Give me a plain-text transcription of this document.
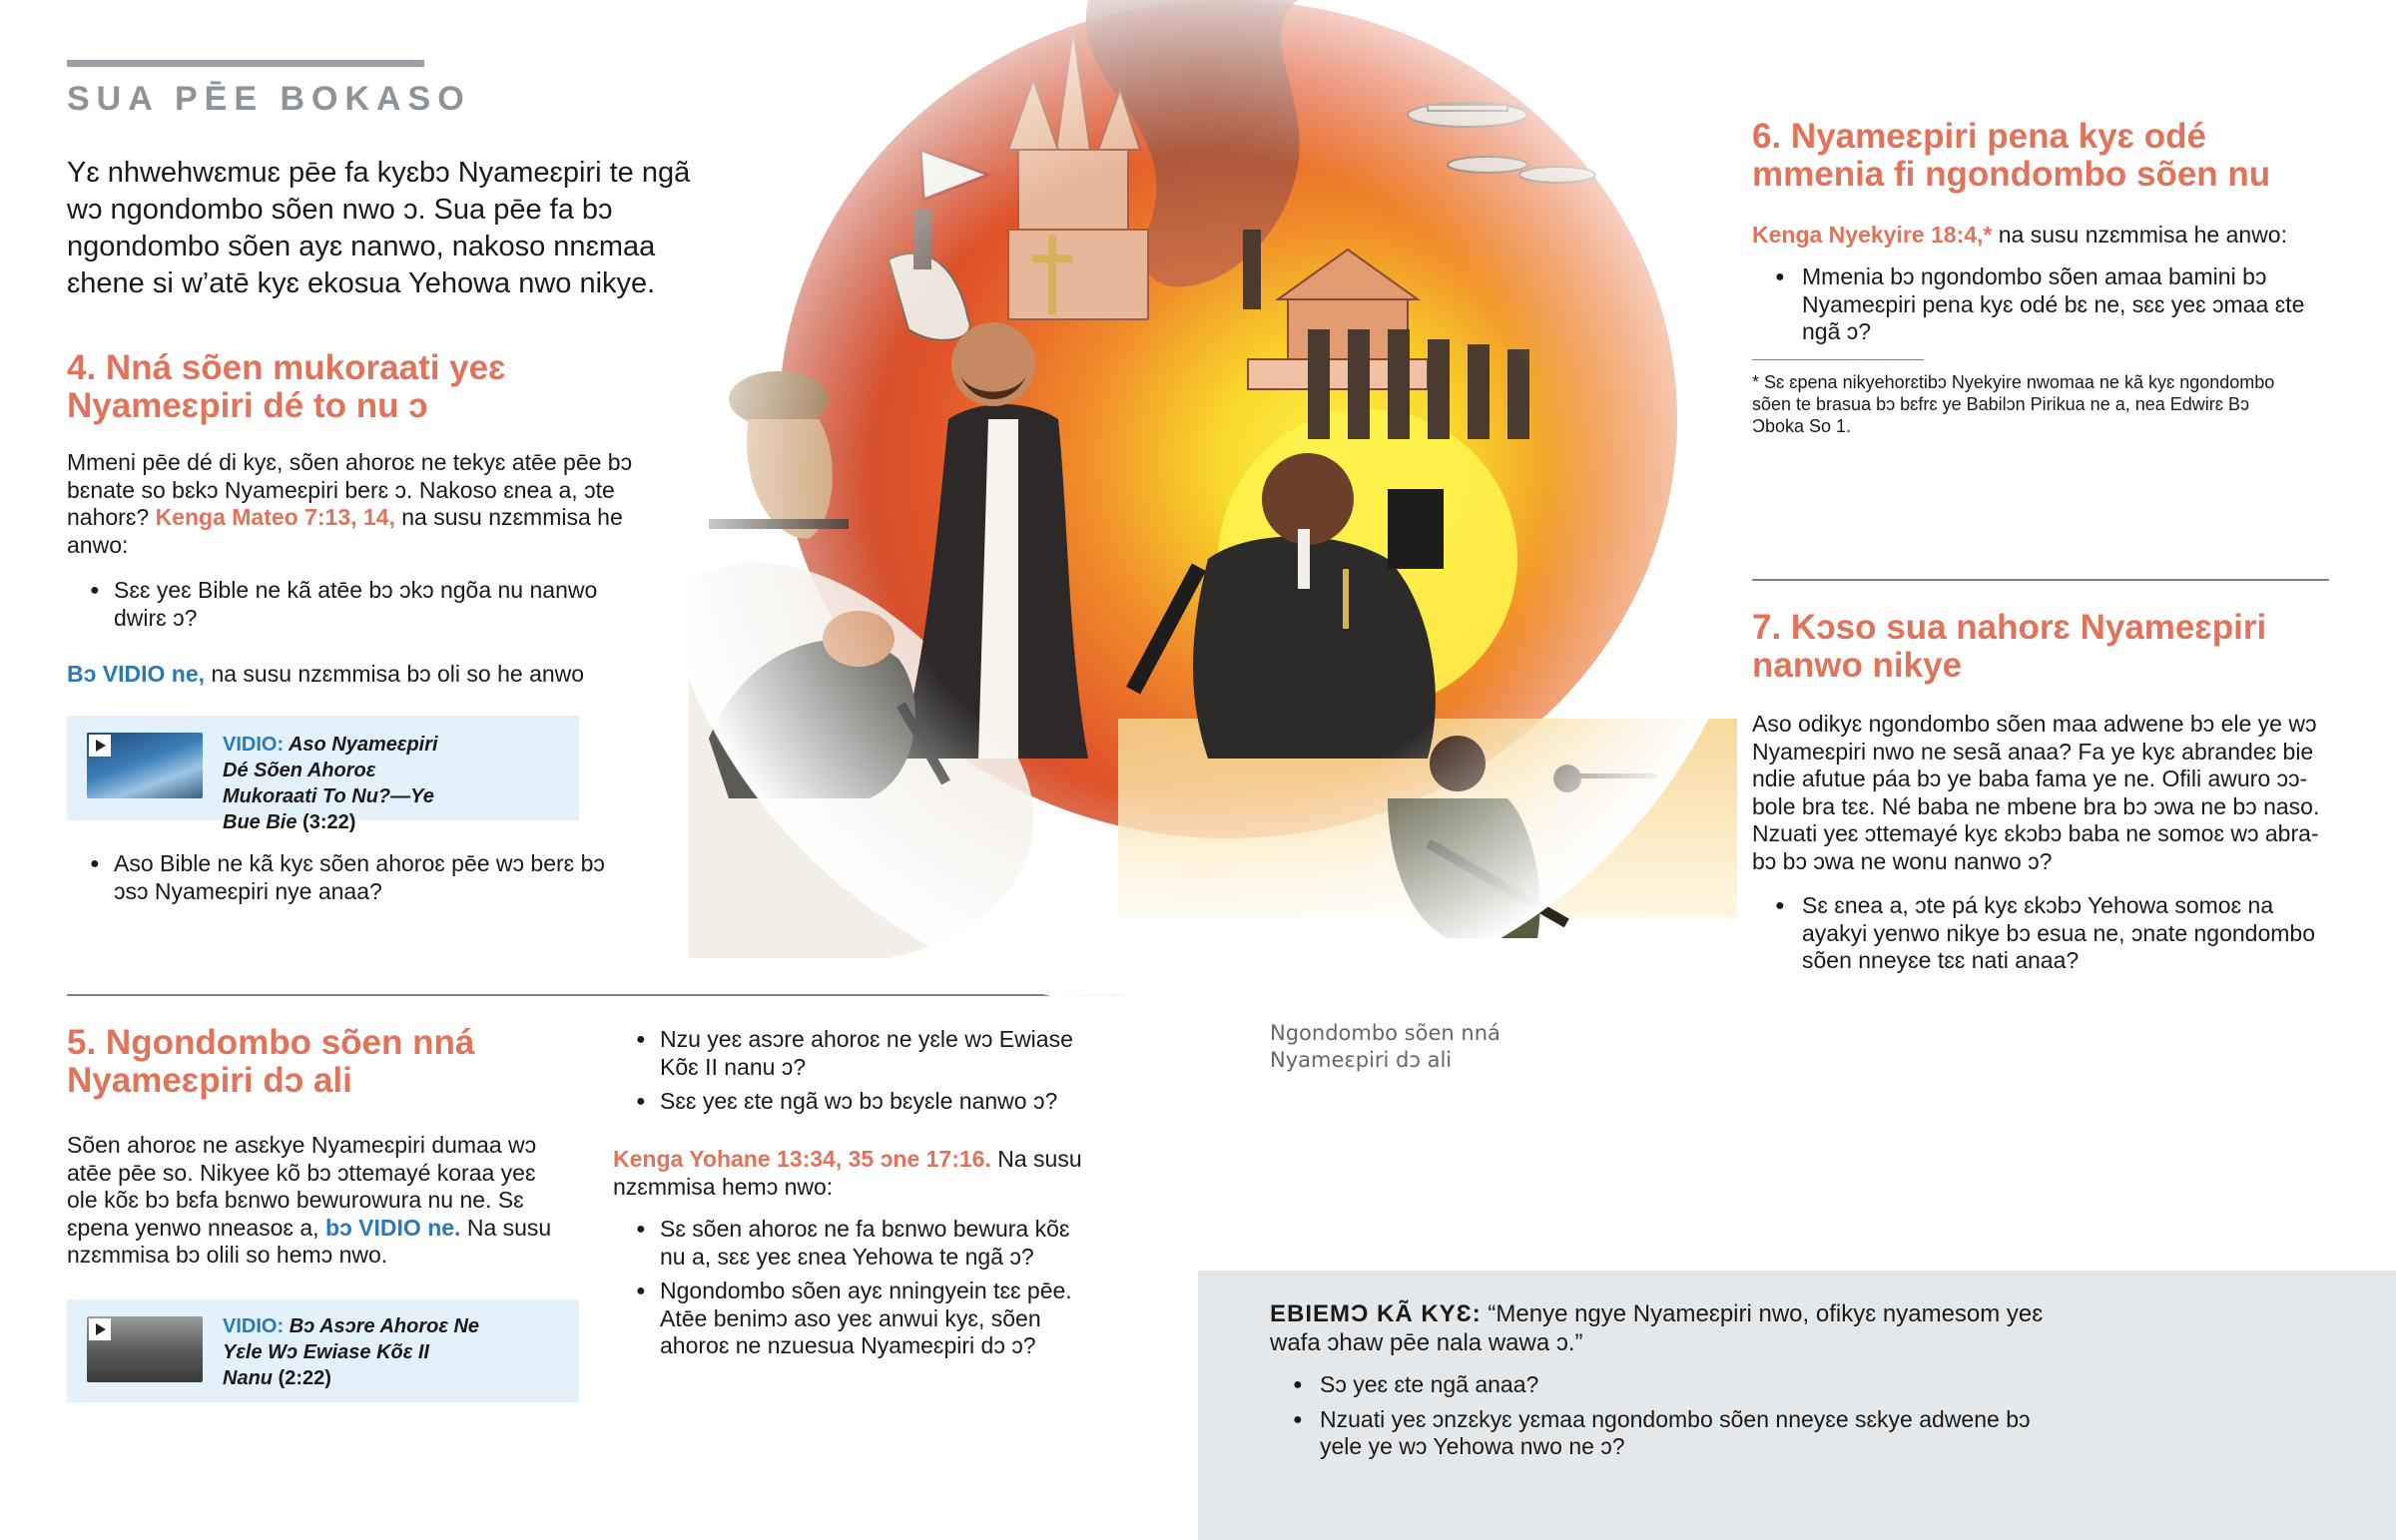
SUA PĒE BOKASO
Yɛ nhwehwɛmuɛ pēe fa kyɛbɔ Nyameɛpiri te ngã wɔ ngondombo sõen nwo ɔ. Sua pēe fa bɔ ngondombo sõen ayɛ nanwo, nakoso nnɛmaa ɛhene si w’atē kyɛ ekosua Yehowa nwo nikye.
4. Nná sõen mukoraati yeɛ Nyameɛpiri dé to nu ɔ
Mmeni pēe dé di kyɛ, sõen ahoroɛ ne tekyɛ atēe pēe bɔ bɛnate so bɛkɔ Nyameɛpiri berɛ ɔ. Nakoso ɛnea a, ɔte nahorɛ? Kenga Mateo 7:13, 14, na susu nzɛmmisa he anwo:
● Sɛɛ yeɛ Bible ne kã atēe bɔ ɔkɔ ngõa nu nanwo dwirɛ ɔ?
Bɔ VIDIO ne, na susu nzɛmmisa bɔ oli so he anwo
VIDIO: Aso Nyameɛpiri Dé Sõen Ahoroɛ Mukoraati To Nu?—Ye Bue Bie (3:22)
● Aso Bible ne kã kyɛ sõen ahoroɛ pēe wɔ berɛ bɔ ɔsɔ Nyameɛpiri nye anaa?
5. Ngondombo sõen nná Nyameɛpiri dɔ ali
Sõen ahoroɛ ne asɛkye Nyameɛpiri dumaa wɔ atēe pēe so. Nikyee kõ bɔ ɔttemayé koraa yeɛ ole kõɛ bɔ bɛfa bɛnwo bewurowura nu ne. Sɛ ɛpena yenwo nneasoɛ a, bɔ VIDIO ne. Na susu nzɛmmisa bɔ olili so hemɔ nwo.
VIDIO: Bɔ Asɔre Ahoroɛ Ne Yɛle Wɔ Ewiase Kõɛ II Nanu (2:22)
● Nzu yeɛ asɔre ahoroɛ ne yɛle wɔ Ewiase Kõɛ II nanu ɔ?
● Sɛɛ yeɛ ɛte ngã wɔ bɔ bɛyɛle nanwo ɔ?
Kenga Yohane 13:34, 35 ɔne 17:16. Na susu nzɛmmisa hemɔ nwo:
● Sɛ sõen ahoroɛ ne fa bɛnwo bewura kõɛ nu a, sɛɛ yeɛ ɛnea Yehowa te ngã ɔ?
● Ngondombo sõen ayɛ nningyein tɛɛ pēe. Atēe benimɔ aso yeɛ anwui kyɛ, sõen ahoroɛ ne nzuesua Nyameɛpiri dɔ ɔ?
Ngondombo sõen nná Nyameɛpiri dɔ ali
6. Nyameɛpiri pena kyɛ odé mmenia fi ngondombo sõen nu
Kenga Nyekyire 18:4,* na susu nzɛmmisa he anwo:
● Mmenia bɔ ngondombo sõen amaa bamini bɔ Nyameɛpiri pena kyɛ odé bɛ ne, sɛɛ yeɛ ɔmaa ɛte ngã ɔ?
* Sɛ ɛpena nikyehorɛtibɔ Nyekyire nwomaa ne kã kyɛ ngondombo sõen te brasua bɔ bɛfrɛ ye Babilɔn Pirikua ne a, nea Edwirɛ Bɔ Ɔboka So 1.
7. Kɔso sua nahorɛ Nyameɛpiri nanwo nikye
Aso odikyɛ ngondombo sõen maa adwene bɔ ele ye wɔ Nyameɛpiri nwo ne sesã anaa? Fa ye kyɛ abrandeɛ bie ndie afutue páa bɔ ye baba fama ye ne. Ofili awuro ɔɔ-bole bra tɛɛ. Né baba ne mbene bra bɔ ɔwa ne bɔ naso. Nzuati yeɛ ɔttemayé kyɛ ɛkɔbɔ baba ne somoɛ wɔ abra-bɔ bɔ ɔwa ne wonu nanwo ɔ?
● Sɛ ɛnea a, ɔte pá kyɛ ɛkɔbɔ Yehowa somoɛ na ayakyi yenwo nikye bɔ esua ne, ɔnate ngondombo sõen nneyɛe tɛɛ nati anaa?
EBIEMƆ KÃ KYƐ: “Menye ngye Nyameɛpiri nwo, ofikyɛ nyamesom yeɛ wafa ɔhaw pēe nala wawa ɔ.”
● Sɔ yeɛ ɛte ngã anaa?
● Nzuati yeɛ ɔnzɛkyɛ yɛmaa ngondombo sõen nneyɛe sɛkye adwene bɔ yele ye wɔ Yehowa nwo ne ɔ?
